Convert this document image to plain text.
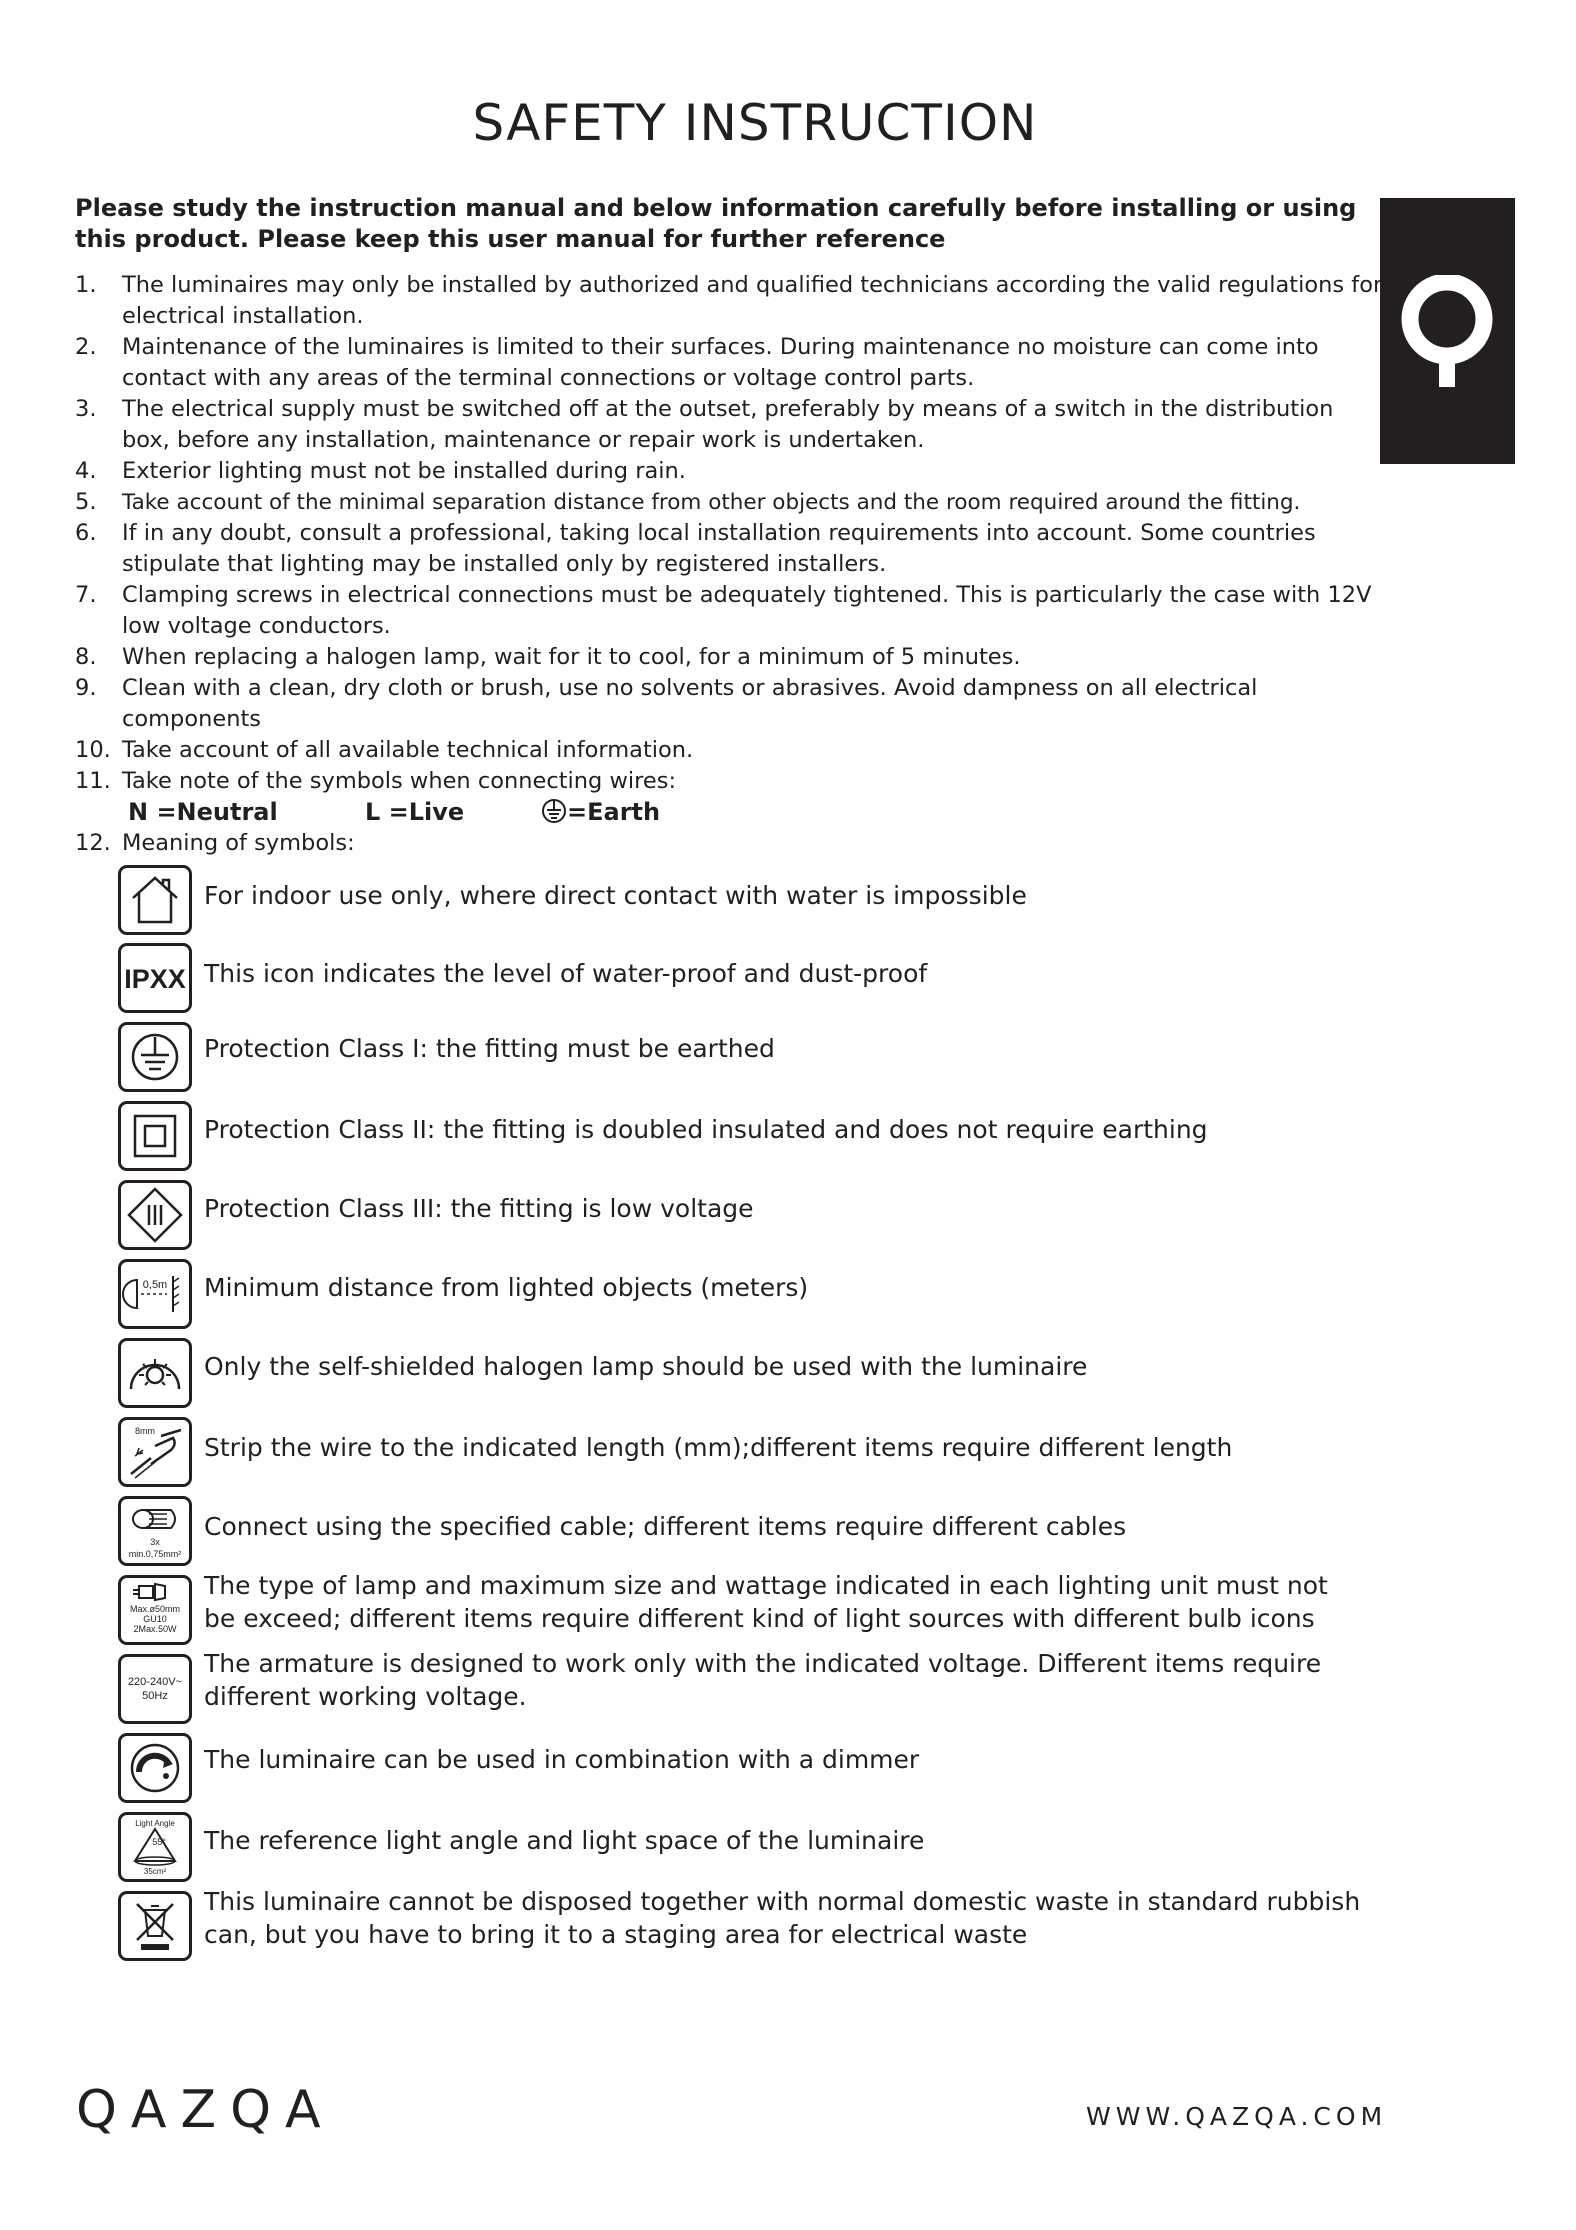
SAFETY INSTRUCTION
Please study the instruction manual and below information carefully before installing or using this product. Please keep this user manual for further reference
1. The luminaires may only be installed by authorized and qualified technicians according the valid regulations for electrical installation.
2. Maintenance of the luminaires is limited to their surfaces. During maintenance no moisture can come into contact with any areas of the terminal connections or voltage control parts.
3. The electrical supply must be switched off at the outset, preferably by means of a switch in the distribution box, before any installation, maintenance or repair work is undertaken.
4. Exterior lighting must not be installed during rain.
5. Take account of the minimal separation distance from other objects and the room required around the fitting.
6. If in any doubt, consult a professional, taking local installation requirements into account. Some countries stipulate that lighting may be installed only by registered installers.
7. Clamping screws in electrical connections must be adequately tightened. This is particularly the case with 12V low voltage conductors.
8. When replacing a halogen lamp, wait for it to cool, for a minimum of 5 minutes.
9. Clean with a clean, dry cloth or brush, use no solvents or abrasives. Avoid dampness on all electrical components
10. Take account of all available technical information.
11. Take note of the symbols when connecting wires:
N =Neutral	L =Live	=Earth
12. Meaning of symbols:
For indoor use only, where direct contact with water is impossible
IPXX This icon indicates the level of water-proof and dust-proof
Protection Class I: the fitting must be earthed
Protection Class II: the fitting is doubled insulated and does not require earthing
Protection Class III: the fitting is low voltage
0,5m Minimum distance from lighted objects (meters)
Only the self-shielded halogen lamp should be used with the luminaire
8mm
Strip the wire to the indicated length (mm);different items require different length
3x
min.0,75mm²
Connect using the specified cable; different items require different cables
Max.ø50mm
GU10
2Max.50W
The type of lamp and maximum size and wattage indicated in each lighting unit must not
be exceed; different items require different kind of light sources with different bulb icons
220-240V~
50Hz
The armature is designed to work only with the indicated voltage. Different items require
different working voltage.
The luminaire can be used in combination with a dimmer
Light Angle
55°
35cm²
The reference light angle and light space of the luminaire
This luminaire cannot be disposed together with normal domestic waste in standard rubbish
can, but you have to bring it to a staging area for electrical waste
QAZQA	WWW.QAZQA.COM
